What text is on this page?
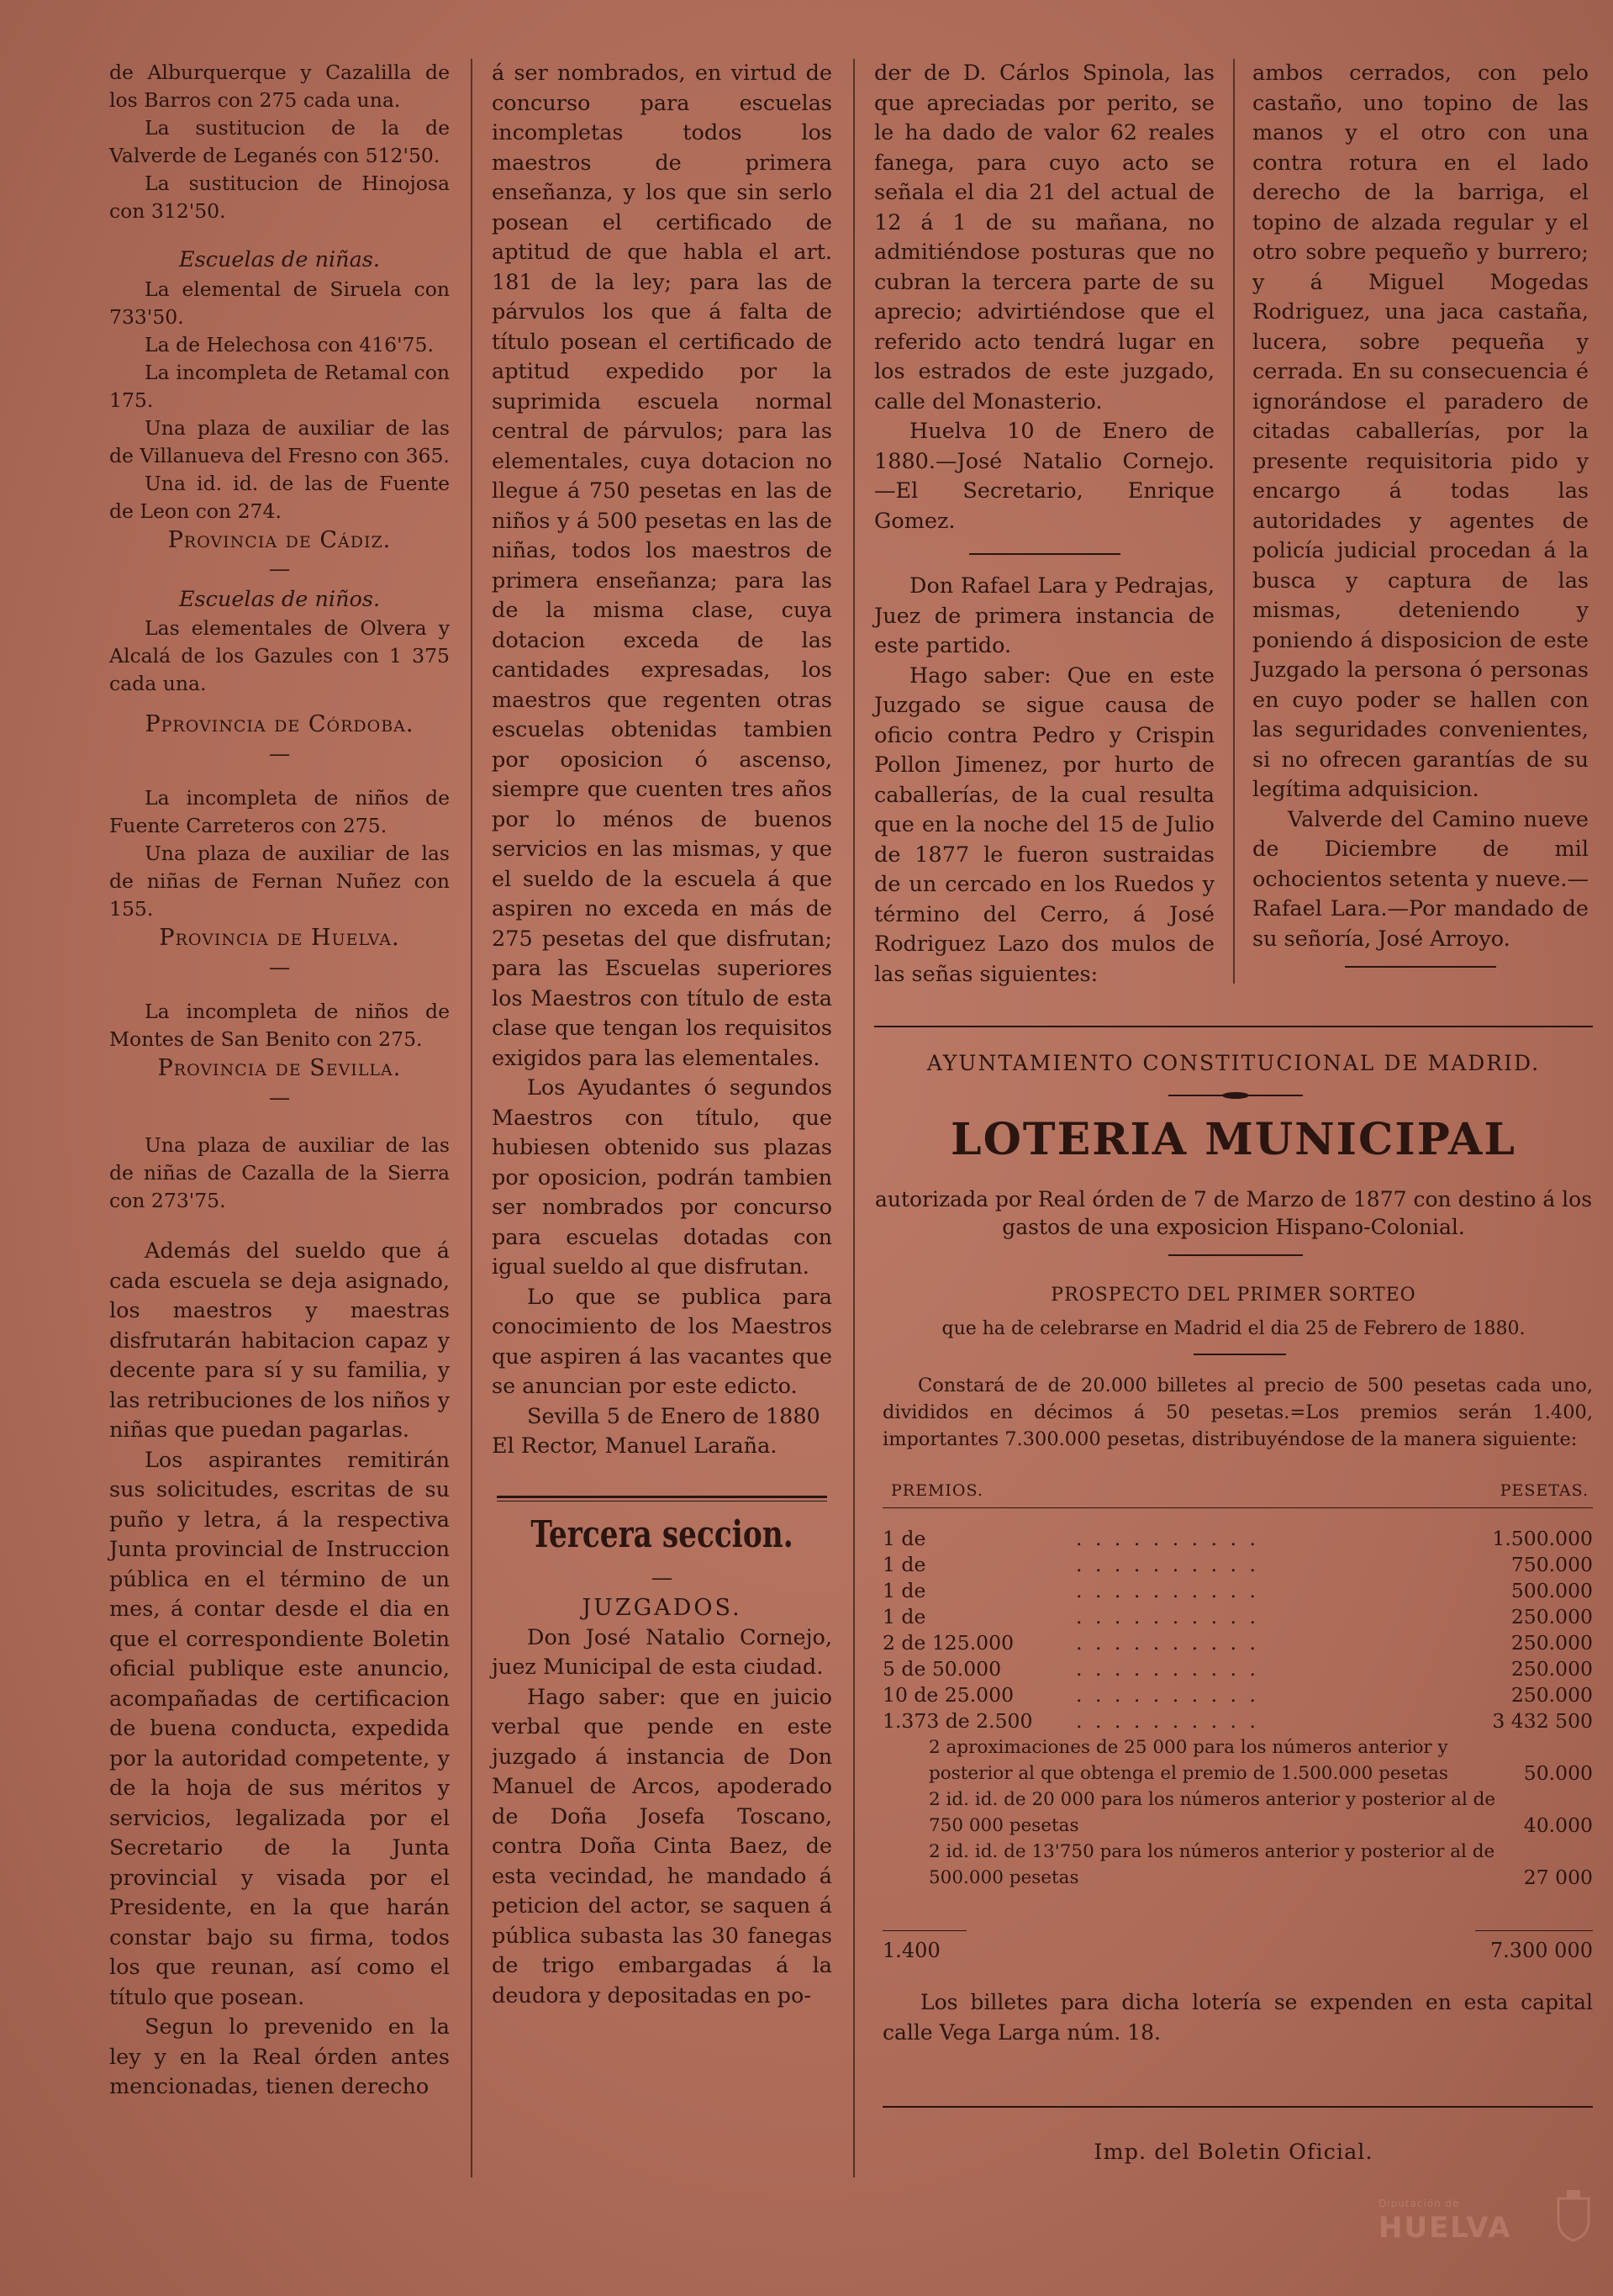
de Alburquerque y Cazalilla de los Barros con 275 cada una.

La sustitucion de la de Valverde de Leganés con 512'50.

La sustitucion de Hinojosa con 312'50.

Escuelas de niñas.

La elemental de Siruela con 733'50.

La de Helechosa con 416'75.

La incompleta de Retamal con 175.

Una plaza de auxiliar de las de Villanueva del Fresno con 365.

Una id. id. de las de Fuente de Leon con 274.

Provincia de Cádiz.

—

Escuelas de niños.

Las elementales de Olvera y Alcalá de los Gazules con 1 375 cada una.

Pprovincia de Córdoba.

—

La incompleta de niños de Fuente Carreteros con 275.

Una plaza de auxiliar de las de niñas de Fernan Nuñez con 155.

Provincia de Huelva.

—

La incompleta de niños de Montes de San Benito con 275.

Provincia de Sevilla.

—

Una plaza de auxiliar de las de niñas de Cazalla de la Sierra con 273'75.

Además del sueldo que á cada escuela se deja asignado, los maestros y maestras disfrutarán habitacion capaz y decente para sí y su familia, y las retribuciones de los niños y niñas que puedan pagarlas.

Los aspirantes remitirán sus solicitudes, escritas de su puño y letra, á la respectiva Junta provincial de Instruccion pública en el término de un mes, á contar desde el dia en que el correspondiente Boletin oficial publique este anuncio, acompañadas de certificacion de buena conducta, expedida por la autoridad competente, y de la hoja de sus méritos y servicios, legalizada por el Secretario de la Junta provincial y visada por el Presidente, en la que harán constar bajo su firma, todos los que reunan, así como el título que posean.

Segun lo prevenido en la ley y en la Real órden antes mencionadas, tienen derecho

á ser nombrados, en virtud de concurso para escuelas incompletas todos los maestros de primera enseñanza, y los que sin serlo posean el certificado de aptitud de que habla el art. 181 de la ley; para las de párvulos los que á falta de título posean el certificado de aptitud expedido por la suprimida escuela normal central de párvulos; para las elementales, cuya dotacion no llegue á 750 pesetas en las de niños y á 500 pesetas en las de niñas, todos los maestros de primera enseñanza; para las de la misma clase, cuya dotacion exceda de las cantidades expresadas, los maestros que regenten otras escuelas obtenidas tambien por oposicion ó ascenso, siempre que cuenten tres años por lo ménos de buenos servicios en las mismas, y que el sueldo de la escuela á que aspiren no exceda en más de 275 pesetas del que disfrutan; para las Escuelas superiores los Maestros con título de esta clase que tengan los requisitos exigidos para las elementales.

Los Ayudantes ó segundos Maestros con título, que hubiesen obtenido sus plazas por oposicion, podrán tambien ser nombrados por concurso para escuelas dotadas con igual sueldo al que disfrutan.

Lo que se publica para conocimiento de los Maestros que aspiren á las vacantes que se anuncian por este edicto.

Sevilla 5 de Enero de 1880

El Rector, Manuel Laraña.

Tercera seccion.

—

JUZGADOS.

Don José Natalio Cornejo, juez Municipal de esta ciudad.

Hago saber: que en juicio verbal que pende en este juzgado á instancia de Don Manuel de Arcos, apoderado de Doña Josefa Toscano, contra Doña Cinta Baez, de esta vecindad, he mandado á peticion del actor, se saquen á pública subasta las 30 fanegas de trigo embargadas á la deudora y depositadas en po-

der de D. Cárlos Spinola, las que apreciadas por perito, se le ha dado de valor 62 reales fanega, para cuyo acto se señala el dia 21 del actual de 12 á 1 de su mañana, no admitiéndose posturas que no cubran la tercera parte de su aprecio; advirtiéndose que el referido acto tendrá lugar en los estrados de este juzgado, calle del Monasterio.

Huelva 10 de Enero de 1880.—José Natalio Cornejo. —El Secretario, Enrique Gomez.

Don Rafael Lara y Pedrajas, Juez de primera instancia de este partido.

Hago saber: Que en este Juzgado se sigue causa de oficio contra Pedro y Crispin Pollon Jimenez, por hurto de caballerías, de la cual resulta que en la noche del 15 de Julio de 1877 le fueron sustraidas de un cercado en los Ruedos y término del Cerro, á José Rodriguez Lazo dos mulos de las señas siguientes:

ambos cerrados, con pelo castaño, uno topino de las manos y el otro con una contra rotura en el lado derecho de la barriga, el topino de alzada regular y el otro sobre pequeño y burrero; y á Miguel Mogedas Rodriguez, una jaca castaña, lucera, sobre pequeña y cerrada. En su consecuencia é ignorándose el paradero de citadas caballerías, por la presente requisitoria pido y encargo á todas las autoridades y agentes de policía judicial procedan á la busca y captura de las mismas, deteniendo y poniendo á disposicion de este Juzgado la persona ó personas en cuyo poder se hallen con las seguridades convenientes, si no ofrecen garantías de su legítima adquisicion.

Valverde del Camino nueve de Diciembre de mil ochocientos setenta y nueve.—Rafael Lara.—Por mandado de su señoría, José Arroyo.

AYUNTAMIENTO CONSTITUCIONAL DE MADRID.
LOTERIA MUNICIPAL
autorizada por Real órden de 7 de Marzo de 1877 con destino á los gastos de una exposicion Hispano-Colonial.
PROSPECTO DEL PRIMER SORTEO
que ha de celebrarse en Madrid el dia 25 de Febrero de 1880.
Constará de de 20.000 billetes al precio de 500 pesetas cada uno, divididos en décimos á 50 pesetas.=Los premios serán 1.400, importantes 7.300.000 pesetas, distribuyéndose de la manera siguiente:
PREMIOS.	PESETAS.
1 de	. . . . . . . . . .	1.500.000
1 de	. . . . . . . . . .	750.000
1 de	. . . . . . . . . .	500.000
1 de	. . . . . . . . . .	250.000
2 de 125.000	. . . . . . . . . .	250.000
5 de 50.000	. . . . . . . . . .	250.000
10 de 25.000	. . . . . . . . . .	250.000
1.373 de 2.500 . . . . . . . . . .	3 432 500
2 aproximaciones de 25 000 para los números anterior y posterior al que obtenga el premio de 1.500.000 pesetas	50.000
2 id. id. de 20 000 para los números anterior y posterior al de 750 000 pesetas	40.000
2 id. id. de 13'750 para los números anterior y posterior al de 500.000 pesetas	27 000
1.400	7.300 000
Los billetes para dicha lotería se expenden en esta capital calle Vega Larga núm. 18.
Imp. del Boletin Oficial.
Diputación de
HUELVA
